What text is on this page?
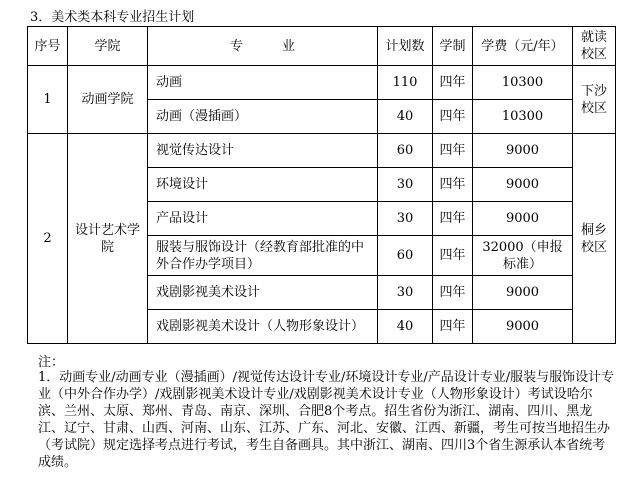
3．美术类本科专业招生计划
序号	学院	专　　　业	计划数	学制	学费（元/年）	就读校区
1	动画学院	动画	110	四年	10300	下沙校区
		动画（漫插画）	40	四年	10300	
2	设计艺术学院	视觉传达设计	60	四年	9000	桐乡校区
		环境设计	30	四年	9000	
		产品设计	30	四年	9000	
		服装与服饰设计（经教育部批准的中外合作办学项目）	60	四年	32000（申报标准）	
		戏剧影视美术设计	30	四年	9000	
		戏剧影视美术设计（人物形象设计）	40	四年	9000	
注：

1．动画专业/动画专业（漫插画）/视觉传达设计专业/环境设计专业/产品设计专业/服装与服饰设计专业（中外合作办学）/戏剧影视美术设计专业/戏剧影视美术设计专业（人物形象设计）考试设哈尔滨、兰州、太原、郑州、青岛、南京、深圳、合肥8个考点。招生省份为浙江、湖南、四川、黑龙江、辽宁、甘肃、山西、河南、山东、江苏、广东、河北、安徽、江西、新疆，考生可按当地招生办（考试院）规定选择考点进行考试，考生自备画具。其中浙江、湖南、四川3个省生源承认本省统考成绩。
